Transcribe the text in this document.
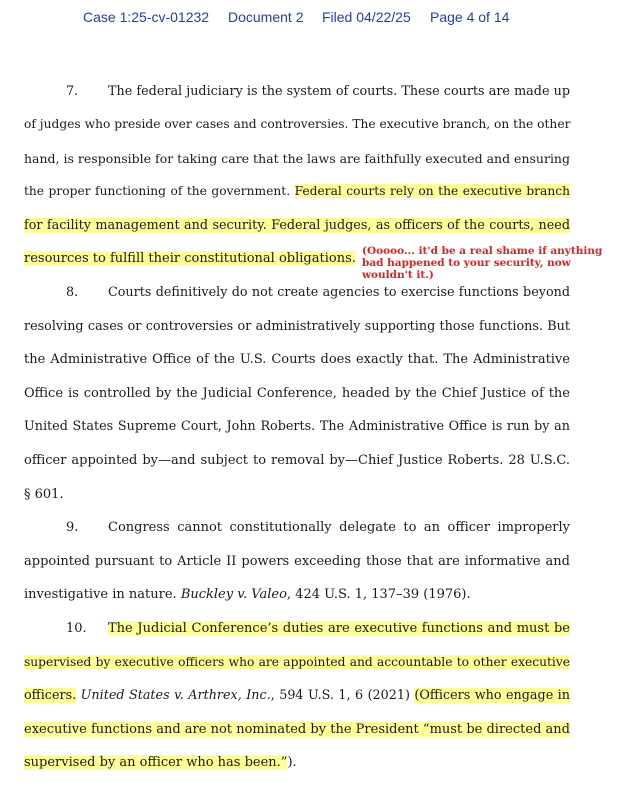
Case 1:25-cv-01232 Document 2 Filed 04/22/25 Page 4 of 14
7. The federal judiciary is the system of courts. These courts are made up
of judges who preside over cases and controversies. The executive branch, on the other
hand, is responsible for taking care that the laws are faithfully executed and ensuring
the proper functioning of the government. Federal courts rely on the executive branch
for facility management and security. Federal judges, as officers of the courts, need
resources to fulfill their constitutional obligations. (Ooooo... it'd be a real shame if anything
bad happened to your security, now
wouldn't it.)
8. Courts definitively do not create agencies to exercise functions beyond
resolving cases or controversies or administratively supporting those functions. But
the Administrative Office of the U.S. Courts does exactly that. The Administrative
Office is controlled by the Judicial Conference, headed by the Chief Justice of the
United States Supreme Court, John Roberts. The Administrative Office is run by an
officer appointed by—and subject to removal by—Chief Justice Roberts. 28 U.S.C.
§ 601.
9. Congress cannot constitutionally delegate to an officer improperly
appointed pursuant to Article II powers exceeding those that are informative and
investigative in nature. Buckley v. Valeo, 424 U.S. 1, 137–39 (1976).
10. The Judicial Conference’s duties are executive functions and must be
supervised by executive officers who are appointed and accountable to other executive
officers. United States v. Arthrex, Inc., 594 U.S. 1, 6 (2021) (Officers who engage in
executive functions and are not nominated by the President “must be directed and
supervised by an officer who has been.”).
